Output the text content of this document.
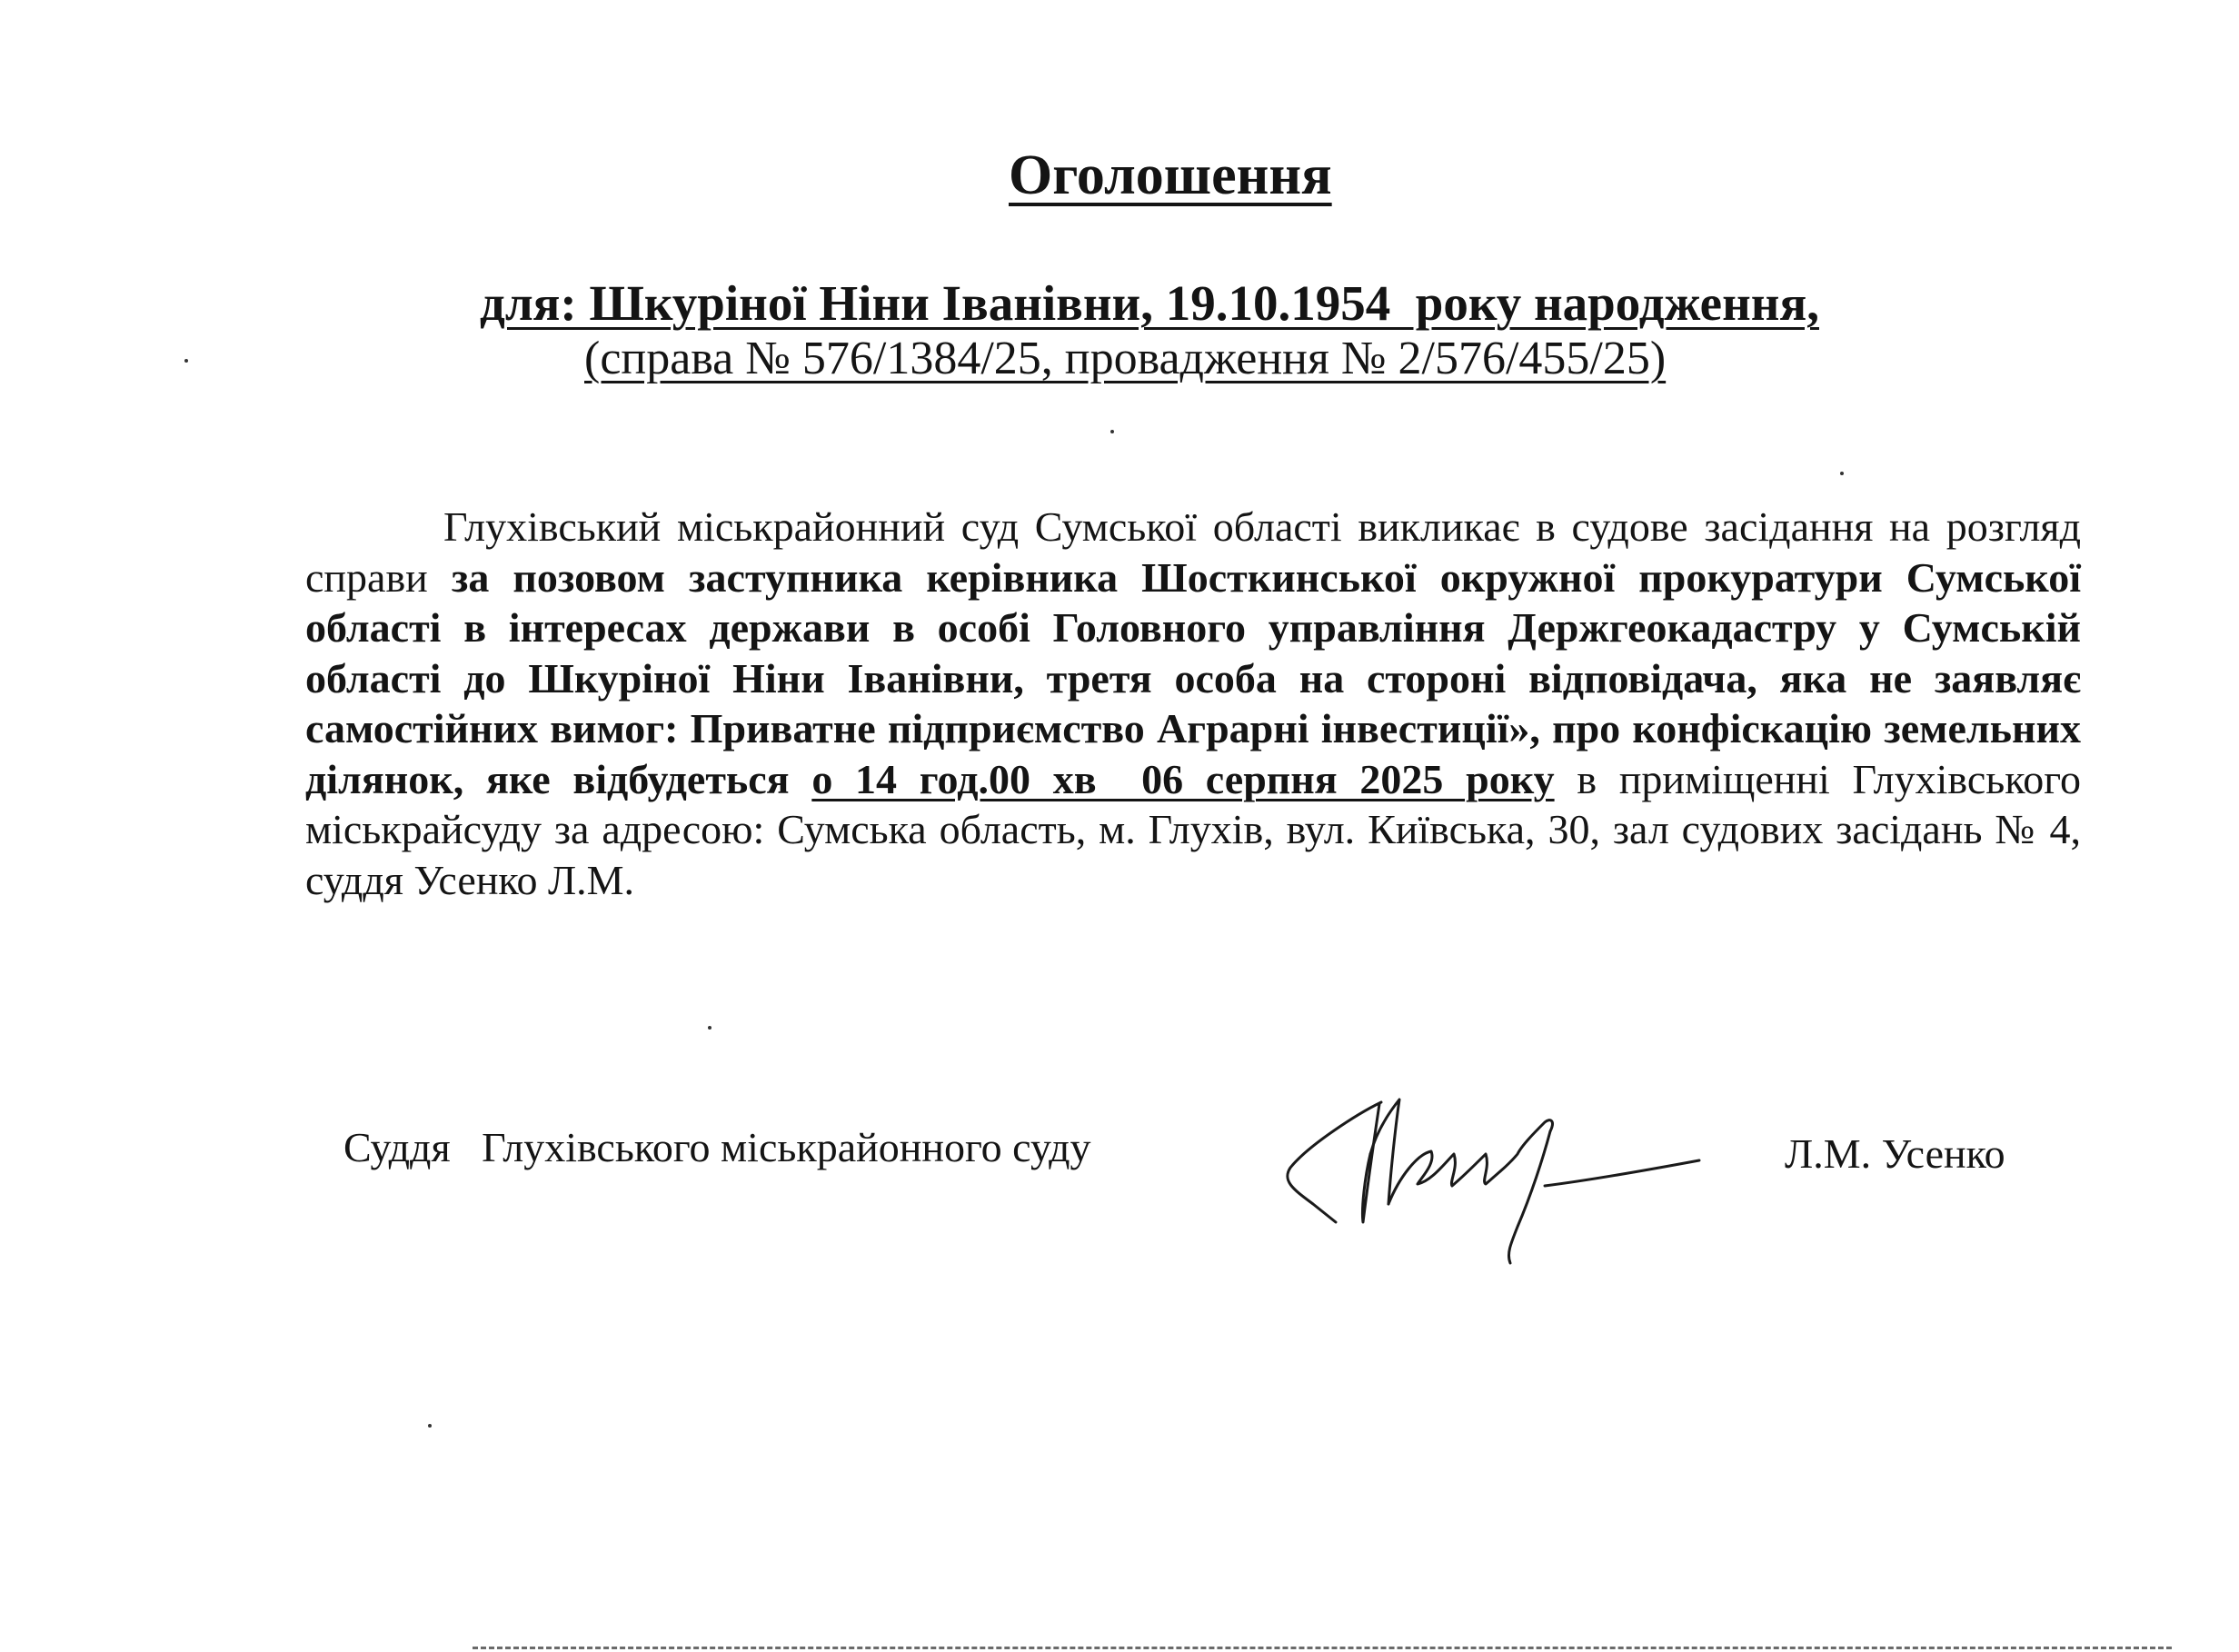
Оголошення

для: Шкуріної Ніни Іванівни, 19.10.1954  року народження,

(справа № 576/1384/25, провадження № 2/576/455/25)

Глухівський міськрайонний суд Сумської області викликає в судове засідання на розгляд справи за позовом заступника керівника Шосткинської окружної прокуратури Сумської області в інтересах держави в особі Головного управління Держгеокадастру у Сумській області до Шкуріної Ніни Іванівни, третя особа на стороні відповідача, яка не заявляє самостійних вимог: Приватне підприємство Аграрні інвестиції», про конфіскацію земельних ділянок, яке відбудеться о 14 год.00 хв  06 серпня 2025 року в приміщенні Глухівського міськрайсуду за адресою: Сумська область, м. Глухів, вул. Київська, 30, зал судових засідань № 4, суддя Усенко Л.М.

Суддя   Глухівського міськрайонного суду	Л.М. Усенко
